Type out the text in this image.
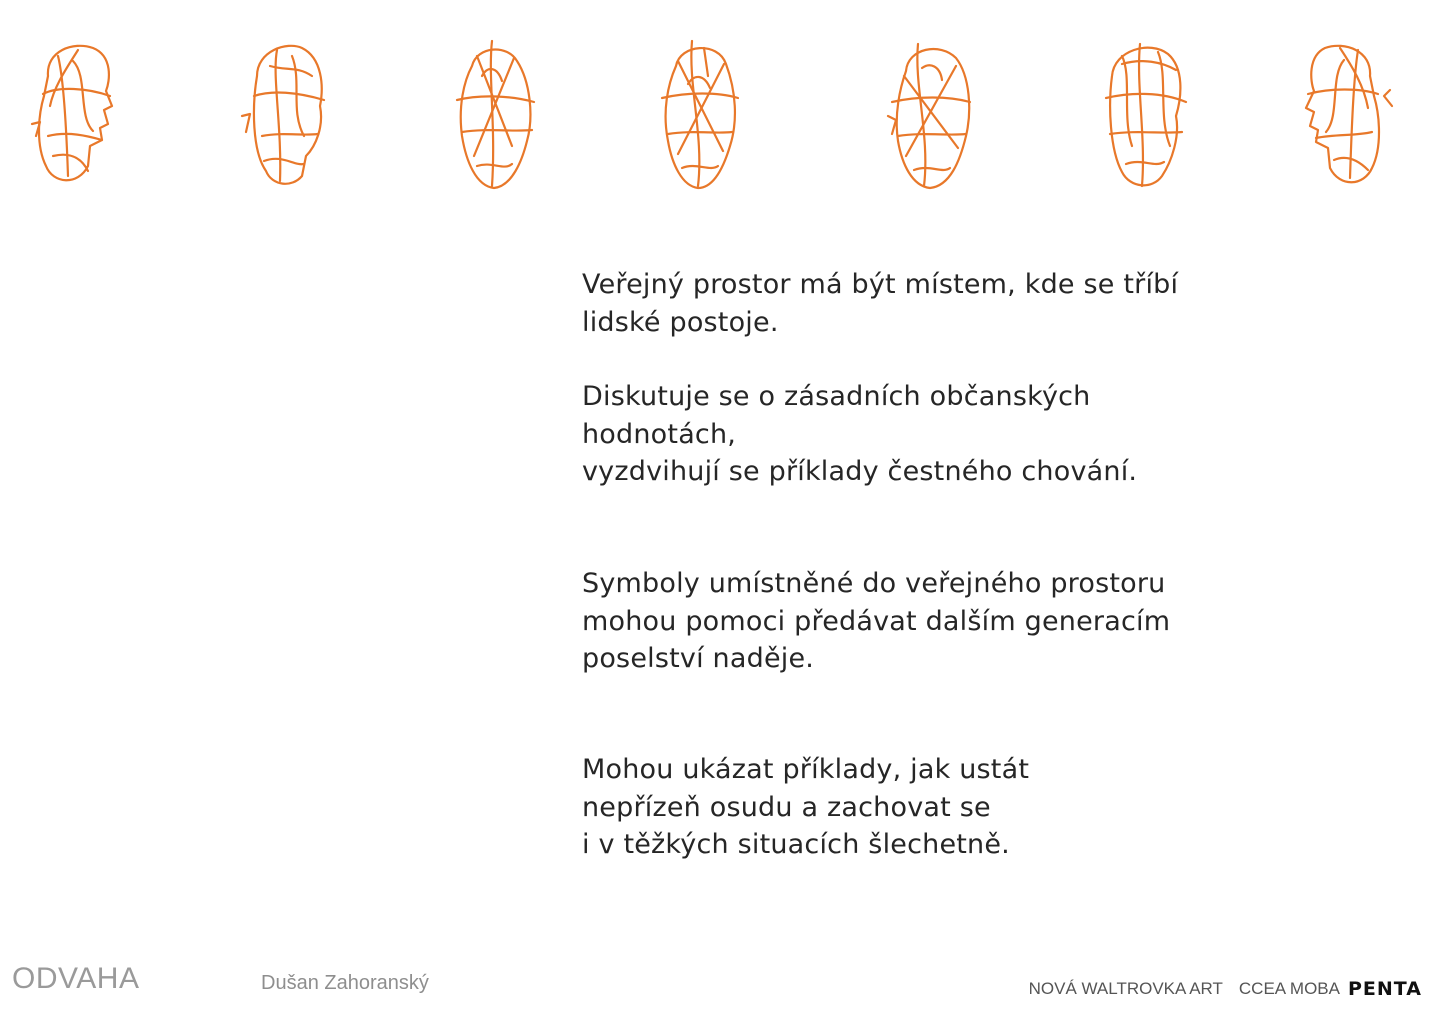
Veřejný prostor má být místem, kde se tříbí
lidské postoje.

Diskutuje se o zásadních občanských
hodnotách,
vyzdvihují se příklady čestného chování.

Symboly umístněné do veřejného prostoru
mohou pomoci předávat dalším generacím
poselství naděje.

Mohou ukázat příklady, jak ustát
nepřízeň osudu a zachovat se
i v těžkých situacích šlechetně.

ODVAHA	Dušan Zahoranský	NOVÁ WALTROVKA ART CCEA MOBA PENTA
